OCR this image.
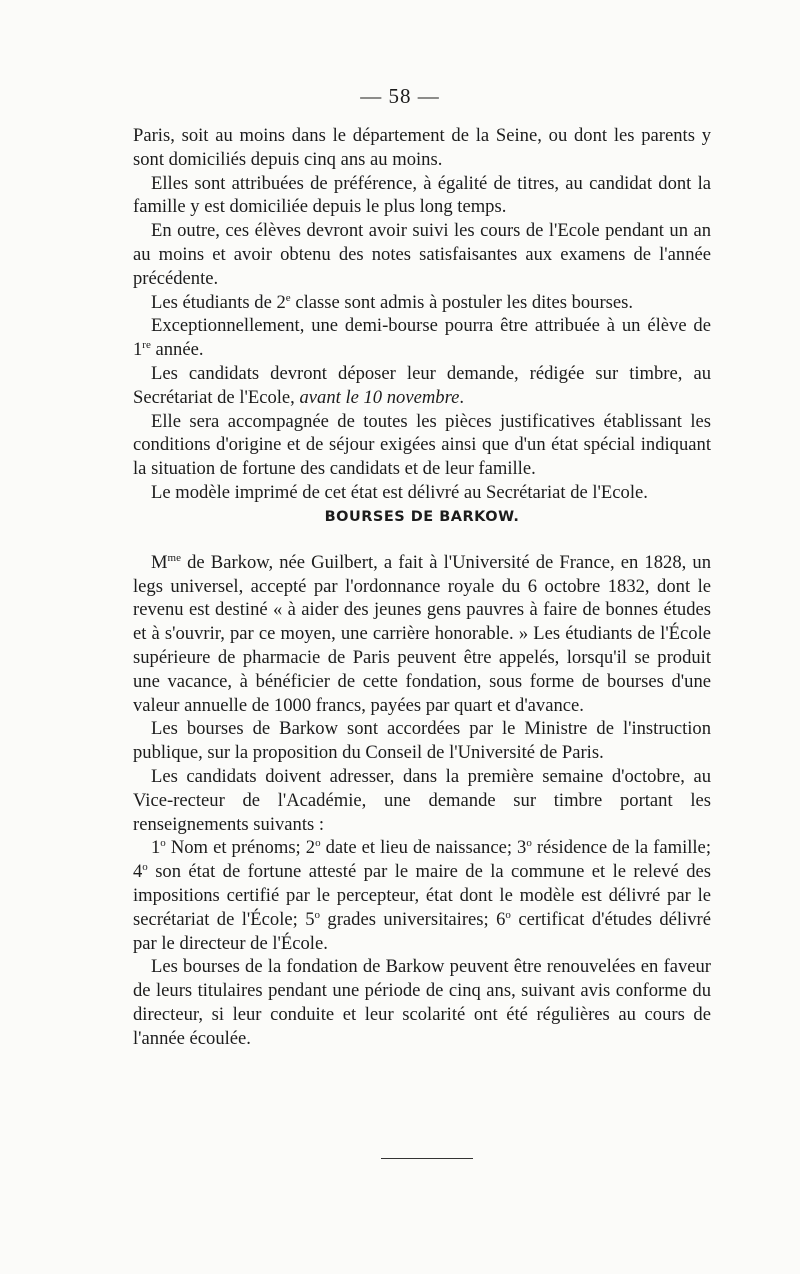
— 58 —

Paris, soit au moins dans le département de la Seine, ou dont les parents y sont domiciliés depuis cinq ans au moins.

Elles sont attribuées de préférence, à égalité de titres, au candidat dont la famille y est domiciliée depuis le plus long temps.

En outre, ces élèves devront avoir suivi les cours de l'Ecole pendant un an au moins et avoir obtenu des notes satisfaisantes aux examens de l'année précédente.

Les étudiants de 2e classe sont admis à postuler les dites bourses.

Exceptionnellement, une demi-bourse pourra être attribuée à un élève de 1re année.

Les candidats devront déposer leur demande, rédigée sur timbre, au Secrétariat de l'Ecole, avant le 10 novembre.

Elle sera accompagnée de toutes les pièces justificatives établissant les conditions d'origine et de séjour exigées ainsi que d'un état spécial indiquant la situation de fortune des candidats et de leur famille.

Le modèle imprimé de cet état est délivré au Secrétariat de l'Ecole.

BOURSES DE BARKOW.

$M^{me}$ de Barkow, née Guilbert, a fait à l'Université de France, en 1828, un legs universel, accepté par l'ordonnance royale du 6 octobre 1832, dont le revenu est destiné « à aider des jeunes gens pauvres à faire de bonnes études et à s'ouvrir, par ce moyen, une carrière honorable. » Les étudiants de l'École supérieure de pharmacie de Paris peuvent être appelés, lorsqu'il se produit une vacance, à bénéficier de cette fondation, sous forme de bourses d'une valeur annuelle de 1000 francs, payées par quart et d'avance.

Les bourses de Barkow sont accordées par le Ministre de l'instruction publique, sur la proposition du Conseil de l'Université de Paris.

Les candidats doivent adresser, dans la première semaine d'octobre, au Vice-recteur de l'Académie, une demande sur timbre portant les renseignements suivants :

1$^o$ Nom et prénoms; 2$^o$ date et lieu de naissance; 3$^o$ résidence de la famille; 4$^o$ son état de fortune attesté par le maire de la commune et le relevé des impositions certifié par le percepteur, état dont le modèle est délivré par le secrétariat de l'École; 5$^o$ grades universitaires; 6$^o$ certificat d'études délivré par le directeur de l'École.

Les bourses de la fondation de Barkow peuvent être renouvelées en faveur de leurs titulaires pendant une période de cinq ans, suivant avis conforme du directeur, si leur conduite et leur scolarité ont été régulières au cours de l'année écoulée.
